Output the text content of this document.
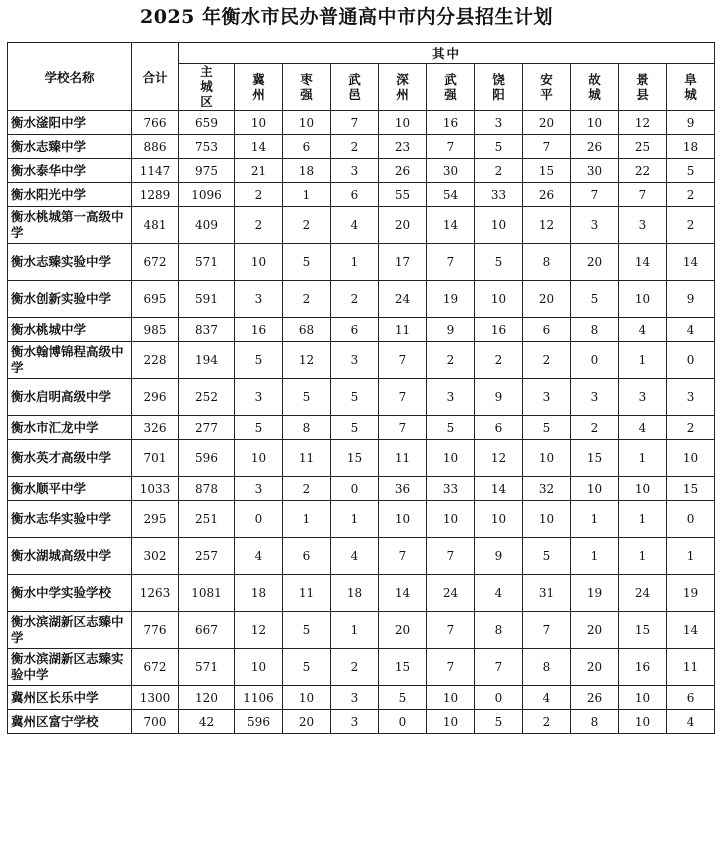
2025 年衡水市民办普通高中市内分县招生计划
学校名称	合计	其中										
		主城区	冀州	枣强	武邑	深州	武强	饶阳	安平	故城	景县	阜城
衡水滏阳中学	766	659	10	10	7	10	16	3	20	10	12	9
衡水志臻中学	886	753	14	6	2	23	7	5	7	26	25	18
衡水泰华中学	1147	975	21	18	3	26	30	2	15	30	22	5
衡水阳光中学	1289	1096	2	1	6	55	54	33	26	7	7	2
衡水桃城第一高级中学	481	409	2	2	4	20	14	10	12	3	3	2
衡水志臻实验中学	672	571	10	5	1	17	7	5	8	20	14	14
衡水创新实验中学	695	591	3	2	2	24	19	10	20	5	10	9
衡水桃城中学	985	837	16	68	6	11	9	16	6	8	4	4
衡水翰博锦程高级中学	228	194	5	12	3	7	2	2	2	0	1	0
衡水启明高级中学	296	252	3	5	5	7	3	9	3	3	3	3
衡水市汇龙中学	326	277	5	8	5	7	5	6	5	2	4	2
衡水英才高级中学	701	596	10	11	15	11	10	12	10	15	1	10
衡水顺平中学	1033	878	3	2	0	36	33	14	32	10	10	15
衡水志华实验中学	295	251	0	1	1	10	10	10	10	1	1	0
衡水湖城高级中学	302	257	4	6	4	7	7	9	5	1	1	1
衡水中学实验学校	1263	1081	18	11	18	14	24	4	31	19	24	19
衡水滨湖新区志臻中学	776	667	12	5	1	20	7	8	7	20	15	14
衡水滨湖新区志臻实验中学	672	571	10	5	2	15	7	7	8	20	16	11
冀州区长乐中学	1300	120	1106	10	3	5	10	0	4	26	10	6
冀州区富宁学校	700	42	596	20	3	0	10	5	2	8	10	4
